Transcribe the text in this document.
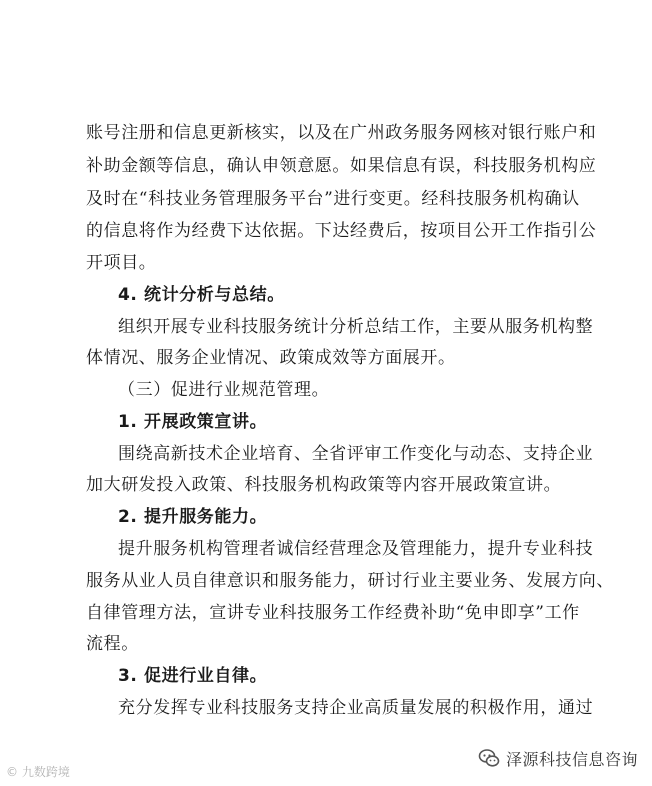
账号注册和信息更新核实，以及在广州政务服务网核对银行账户和
补助金额等信息，确认申领意愿。如果信息有误，科技服务机构应
及时在“科技业务管理服务平台”进行变更。经科技服务机构确认
的信息将作为经费下达依据。下达经费后，按项目公开工作指引公
开项目。
4. 统计分析与总结。
组织开展专业科技服务统计分析总结工作，主要从服务机构整
体情况、服务企业情况、政策成效等方面展开。
（三）促进行业规范管理。
1. 开展政策宣讲。
围绕高新技术企业培育、全省评审工作变化与动态、支持企业
加大研发投入政策、科技服务机构政策等内容开展政策宣讲。
2. 提升服务能力。
提升服务机构管理者诚信经营理念及管理能力，提升专业科技
服务从业人员自律意识和服务能力，研讨行业主要业务、发展方向、
自律管理方法，宣讲专业科技服务工作经费补助“免申即享”工作
流程。
3. 促进行业自律。
充分发挥专业科技服务支持企业高质量发展的积极作用，通过
© 九数跨境
泽源科技信息咨询
